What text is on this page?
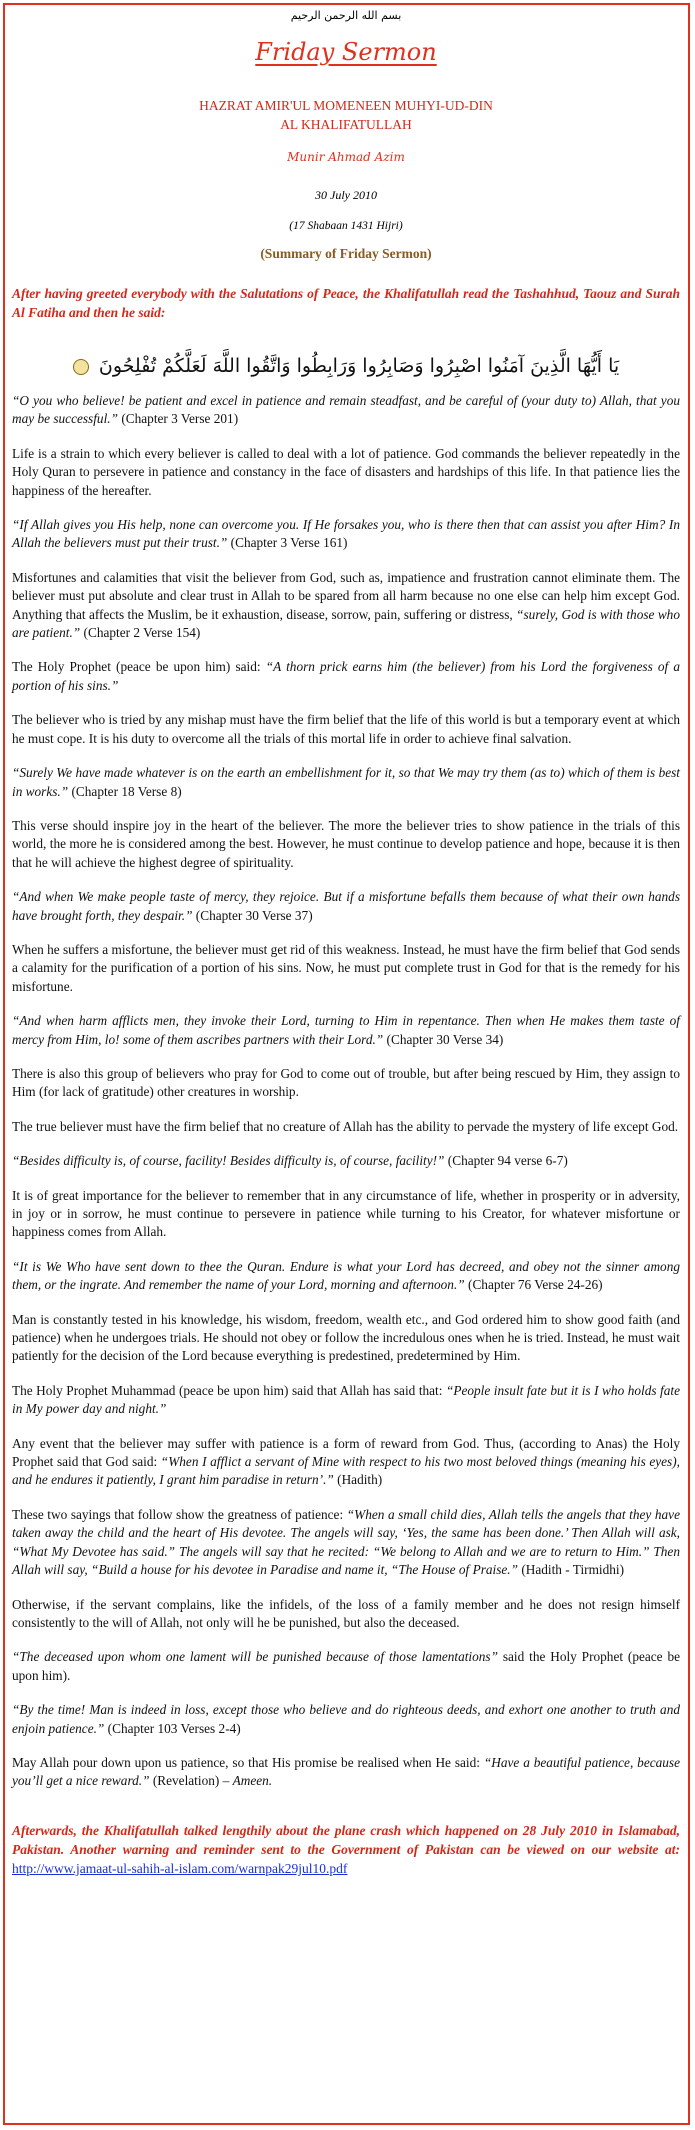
بسم الله الرحمن الرحيم
Friday Sermon
HAZRAT AMIR'UL MOMENEEN MUHYI-UD-DIN
AL KHALIFATULLAH
Munir Ahmad Azim
30 July 2010
(17 Shabaan 1431 Hijri)
(Summary of Friday Sermon)
After having greeted everybody with the Salutations of Peace, the Khalifatullah read the Tashahhud, Taouz and Surah Al Fatiha and then he said:
يَا أَيُّهَا الَّذِينَ آمَنُوا اصْبِرُوا وَصَابِرُوا وَرَابِطُوا وَاتَّقُوا اللَّهَ لَعَلَّكُمْ تُفْلِحُونَ

“O you who believe! be patient and excel in patience and remain steadfast, and be careful of (your duty to) Allah, that you may be successful.” (Chapter 3 Verse 201)

Life is a strain to which every believer is called to deal with a lot of patience. God commands the believer repeatedly in the Holy Quran to persevere in patience and constancy in the face of disasters and hardships of this life. In that patience lies the happiness of the hereafter.

“If Allah gives you His help, none can overcome you. If He forsakes you, who is there then that can assist you after Him? In Allah the believers must put their trust.” (Chapter 3 Verse 161)

Misfortunes and calamities that visit the believer from God, such as, impatience and frustration cannot eliminate them. The believer must put absolute and clear trust in Allah to be spared from all harm because no one else can help him except God. Anything that affects the Muslim, be it exhaustion, disease, sorrow, pain, suffering or distress, “surely, God is with those who are patient.” (Chapter 2 Verse 154)

The Holy Prophet (peace be upon him) said: “A thorn prick earns him (the believer) from his Lord the forgiveness of a portion of his sins.”

The believer who is tried by any mishap must have the firm belief that the life of this world is but a temporary event at which he must cope. It is his duty to overcome all the trials of this mortal life in order to achieve final salvation.

“Surely We have made whatever is on the earth an embellishment for it, so that We may try them (as to) which of them is best in works.” (Chapter 18 Verse 8)

This verse should inspire joy in the heart of the believer. The more the believer tries to show patience in the trials of this world, the more he is considered among the best. However, he must continue to develop patience and hope, because it is then that he will achieve the highest degree of spirituality.

“And when We make people taste of mercy, they rejoice. But if a misfortune befalls them because of what their own hands have brought forth, they despair.” (Chapter 30 Verse 37)

When he suffers a misfortune, the believer must get rid of this weakness. Instead, he must have the firm belief that God sends a calamity for the purification of a portion of his sins. Now, he must put complete trust in God for that is the remedy for his misfortune.

“And when harm afflicts men, they invoke their Lord, turning to Him in repentance. Then when He makes them taste of mercy from Him, lo! some of them ascribes partners with their Lord.” (Chapter 30 Verse 34)

There is also this group of believers who pray for God to come out of trouble, but after being rescued by Him, they assign to Him (for lack of gratitude) other creatures in worship.

The true believer must have the firm belief that no creature of Allah has the ability to pervade the mystery of life except God.

“Besides difficulty is, of course, facility! Besides difficulty is, of course, facility!” (Chapter 94 verse 6-7)

It is of great importance for the believer to remember that in any circumstance of life, whether in prosperity or in adversity, in joy or in sorrow, he must continue to persevere in patience while turning to his Creator, for whatever misfortune or happiness comes from Allah.

“It is We Who have sent down to thee the Quran. Endure is what your Lord has decreed, and obey not the sinner among them, or the ingrate. And remember the name of your Lord, morning and afternoon.” (Chapter 76 Verse 24-26)

Man is constantly tested in his knowledge, his wisdom, freedom, wealth etc., and God ordered him to show good faith (and patience) when he undergoes trials. He should not obey or follow the incredulous ones when he is tried. Instead, he must wait patiently for the decision of the Lord because everything is predestined, predetermined by Him.

The Holy Prophet Muhammad (peace be upon him) said that Allah has said that: “People insult fate but it is I who holds fate in My power day and night.”

Any event that the believer may suffer with patience is a form of reward from God. Thus, (according to Anas) the Holy Prophet said that God said: “When I afflict a servant of Mine with respect to his two most beloved things (meaning his eyes), and he endures it patiently, I grant him paradise in return’.” (Hadith)

These two sayings that follow show the greatness of patience: “When a small child dies, Allah tells the angels that they have taken away the child and the heart of His devotee. The angels will say, ‘Yes, the same has been done.’ Then Allah will ask, “What My Devotee has said.” The angels will say that he recited: “We belong to Allah and we are to return to Him.” Then Allah will say, “Build a house for his devotee in Paradise and name it, “The House of Praise.” (Hadith - Tirmidhi)

Otherwise, if the servant complains, like the infidels, of the loss of a family member and he does not resign himself consistently to the will of Allah, not only will he be punished, but also the deceased.

“The deceased upon whom one lament will be punished because of those lamentations” said the Holy Prophet (peace be upon him).

“By the time! Man is indeed in loss, except those who believe and do righteous deeds, and exhort one another to truth and enjoin patience.” (Chapter 103 Verses 2-4)

May Allah pour down upon us patience, so that His promise be realised when He said: “Have a beautiful patience, because you’ll get a nice reward.” (Revelation) – Ameen.

Afterwards, the Khalifatullah talked lengthily about the plane crash which happened on 28 July 2010 in Islamabad, Pakistan. Another warning and reminder sent to the Government of Pakistan can be viewed on our website at: http://www.jamaat-ul-sahih-al-islam.com/warnpak29jul10.pdf
